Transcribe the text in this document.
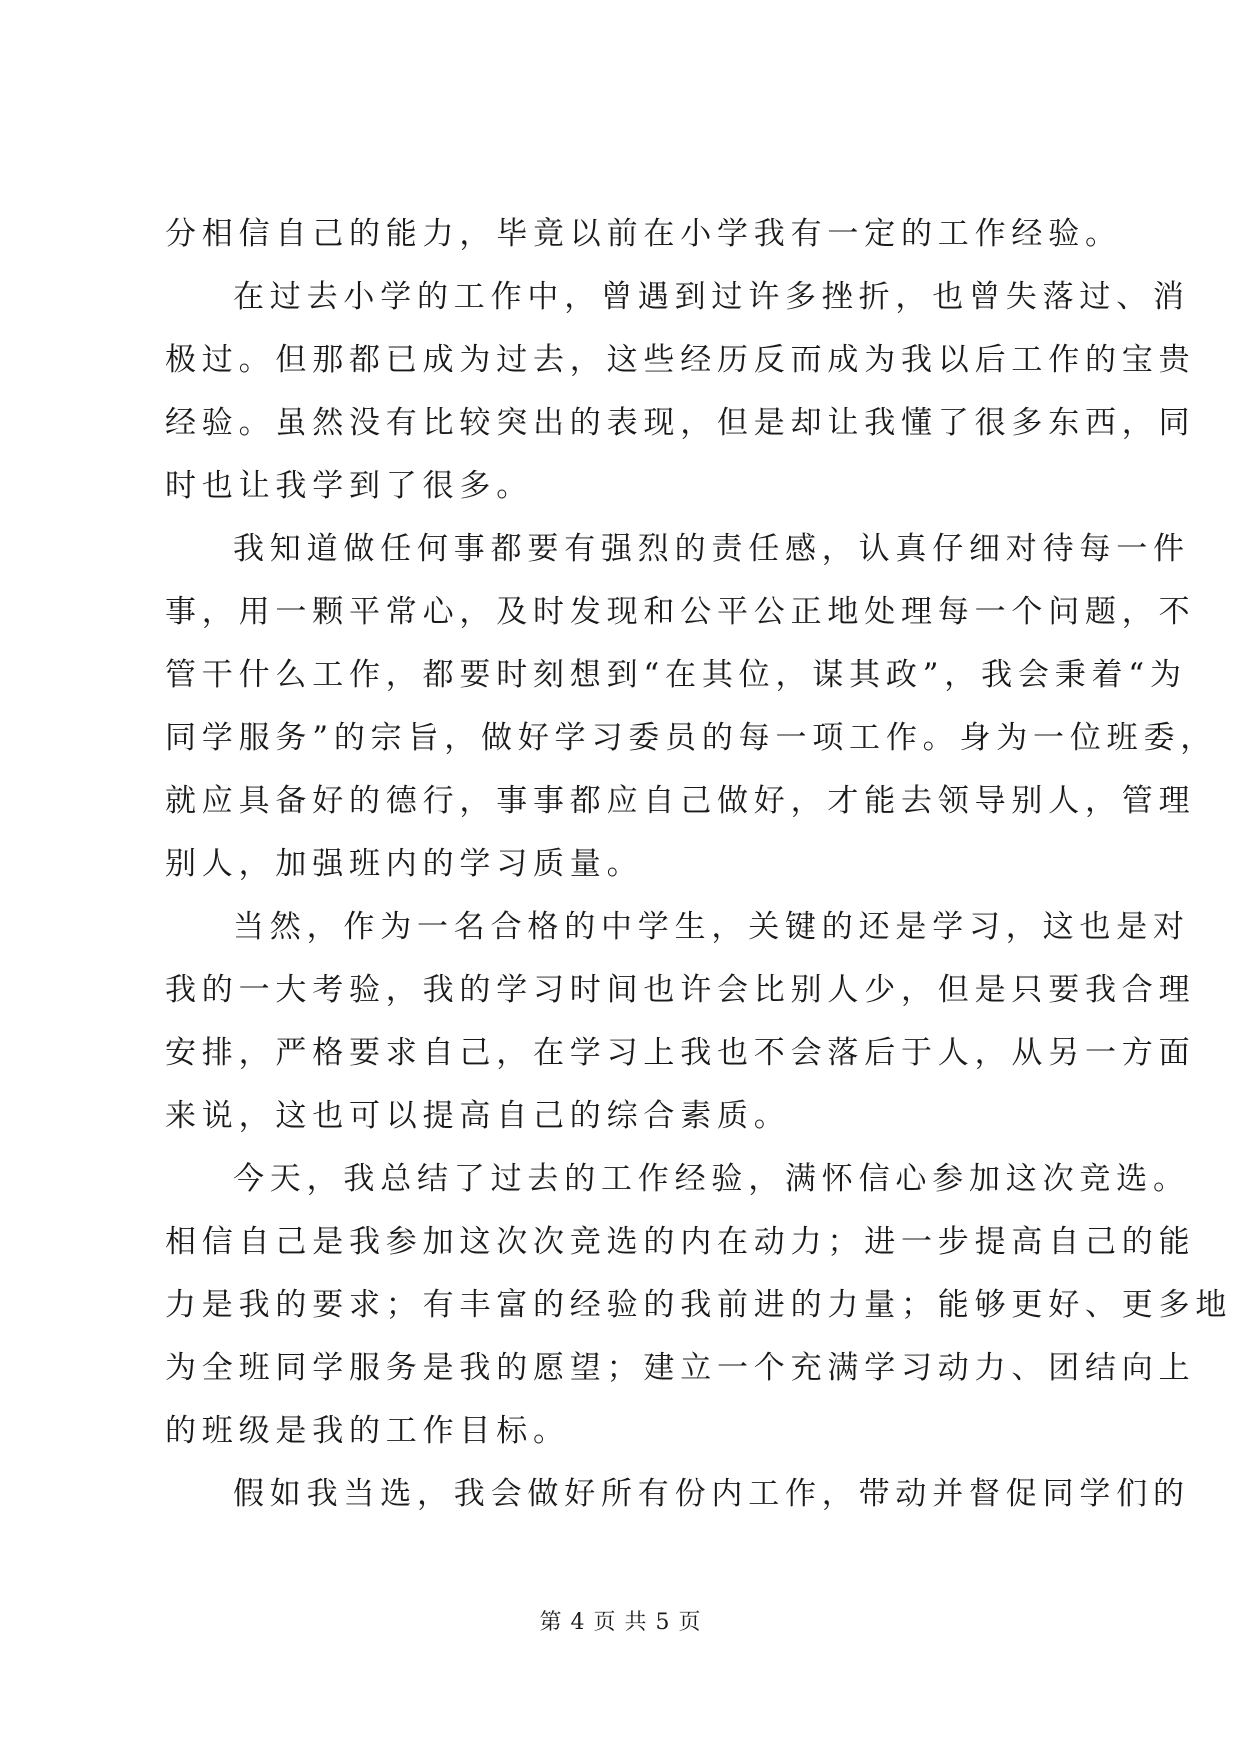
分相信自己的能力，毕竟以前在小学我有一定的工作经验。
在过去小学的工作中，曾遇到过许多挫折，也曾失落过、消
极过。但那都已成为过去，这些经历反而成为我以后工作的宝贵
经验。虽然没有比较突出的表现，但是却让我懂了很多东西，同
时也让我学到了很多。
我知道做任何事都要有强烈的责任感，认真仔细对待每一件
事，用一颗平常心，及时发现和公平公正地处理每一个问题，不
管干什么工作，都要时刻想到“在其位，谋其政”，我会秉着“为
同学服务”的宗旨，做好学习委员的每一项工作。身为一位班委，
就应具备好的德行，事事都应自己做好，才能去领导别人，管理
别人，加强班内的学习质量。
当然，作为一名合格的中学生，关键的还是学习，这也是对
我的一大考验，我的学习时间也许会比别人少，但是只要我合理
安排，严格要求自己，在学习上我也不会落后于人，从另一方面
来说，这也可以提高自己的综合素质。
今天，我总结了过去的工作经验，满怀信心参加这次竞选。
相信自己是我参加这次次竞选的内在动力；进一步提高自己的能
力是我的要求；有丰富的经验的我前进的力量；能够更好、更多地
为全班同学服务是我的愿望；建立一个充满学习动力、团结向上
的班级是我的工作目标。
假如我当选，我会做好所有份内工作，带动并督促同学们的
第 4 页 共 5 页
